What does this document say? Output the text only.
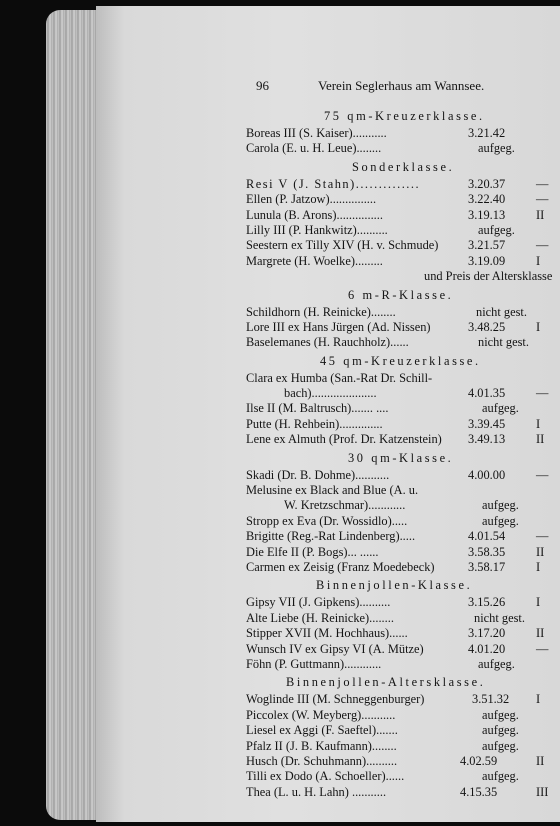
96	Verein Seglerhaus am Wannsee.
75 qm-Kreuzerklasse.
Boreas III (S. Kaiser)...........	3.21.42
Carola (E. u. H. Leue)........	aufgeg.
Sonderklasse.
Resi V (J. Stahn)..............	3.20.37 —
Ellen (P. Jatzow)...............	3.22.40 —
Lunula (B. Arons)...............	3.19.13 II
Lilly III (P. Hankwitz)..........	aufgeg.
Seestern ex Tilly XIV (H. v. Schmude) 3.21.57 —
Margrete (H. Woelke).........	3.19.09 I
und Preis der Altersklasse
6 m-R-Klasse.
Schildhorn (H. Reinicke)........	nicht gest.
Lore III ex Hans Jürgen (Ad. Nissen)	3.48.25 I
Baselemanes (H. Rauchholz)......	nicht gest.
45 qm-Kreuzerklasse.
Clara ex Humba (San.-Rat Dr. Schill-
bach).....................	4.01.35 —
Ilse II (M. Baltrusch)....... ....	aufgeg.
Putte (H. Rehbein)..............	3.39.45 I
Lene ex Almuth (Prof. Dr. Katzenstein) 3.49.13 II
30 qm-Klasse.
Skadi (Dr. B. Dohme)...........	4.00.00 —
Melusine ex Black and Blue (A. u.
W. Kretzschmar)............	aufgeg.
Stropp ex Eva (Dr. Wossidlo).....	aufgeg.
Brigitte (Reg.-Rat Lindenberg).....	4.01.54 —
Die Elfe II (P. Bogs)... ......	3.58.35 II
Carmen ex Zeisig (Franz Moedebeck)	3.58.17 I
Binnenjollen-Klasse.
Gipsy VII (J. Gipkens)..........	3.15.26 I
Alte Liebe (H. Reinicke)........	nicht gest.
Stipper XVII (M. Hochhaus)......	3.17.20 II
Wunsch IV ex Gipsy VI (A. Mütze)	4.01.20 —
Föhn (P. Guttmann)............	aufgeg.
Binnenjollen-Altersklasse.
Woglinde III (M. Schneggenburger)	3.51.32 I
Piccolex (W. Meyberg)...........	aufgeg.
Liesel ex Aggi (F. Saeftel).......	aufgeg.
Pfalz II (J. B. Kaufmann)........	aufgeg.
Husch (Dr. Schuhmann)..........	4.02.59	II
Tilli ex Dodo (A. Schoeller)......	aufgeg.
Thea (L. u. H. Lahn) ...........	4.15.35	III
